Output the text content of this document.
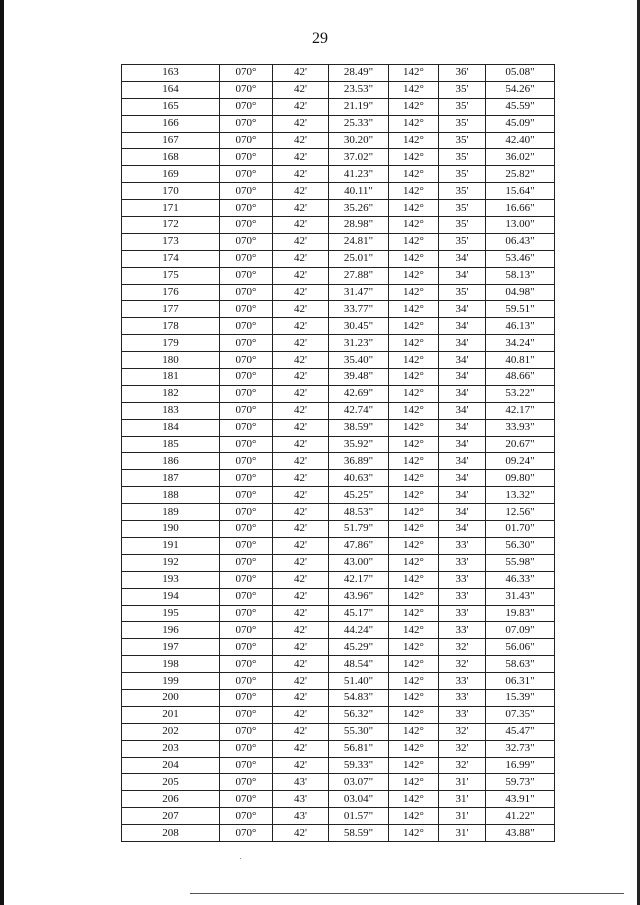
29
163	070°	42'	28.49"	142°	36'	05.08"
164	070°	42'	23.53"	142°	35'	54.26"
165	070°	42'	21.19"	142°	35'	45.59"
166	070°	42'	25.33"	142°	35'	45.09"
167	070°	42'	30.20"	142°	35'	42.40"
168	070°	42'	37.02"	142°	35'	36.02"
169	070°	42'	41.23"	142°	35'	25.82"
170	070°	42'	40.11"	142°	35'	15.64"
171	070°	42'	35.26"	142°	35'	16.66"
172	070°	42'	28.98"	142°	35'	13.00"
173	070°	42'	24.81"	142°	35'	06.43"
174	070°	42'	25.01"	142°	34'	53.46"
175	070°	42'	27.88"	142°	34'	58.13"
176	070°	42'	31.47"	142°	35'	04.98"
177	070°	42'	33.77"	142°	34'	59.51"
178	070°	42'	30.45"	142°	34'	46.13"
179	070°	42'	31.23"	142°	34'	34.24"
180	070°	42'	35.40"	142°	34'	40.81"
181	070°	42'	39.48"	142°	34'	48.66"
182	070°	42'	42.69"	142°	34'	53.22"
183	070°	42'	42.74"	142°	34'	42.17"
184	070°	42'	38.59"	142°	34'	33.93"
185	070°	42'	35.92"	142°	34'	20.67"
186	070°	42'	36.89"	142°	34'	09.24"
187	070°	42'	40.63"	142°	34'	09.80"
188	070°	42'	45.25"	142°	34'	13.32"
189	070°	42'	48.53"	142°	34'	12.56"
190	070°	42'	51.79"	142°	34'	01.70"
191	070°	42'	47.86"	142°	33'	56.30"
192	070°	42'	43.00"	142°	33'	55.98"
193	070°	42'	42.17"	142°	33'	46.33"
194	070°	42'	43.96"	142°	33'	31.43"
195	070°	42'	45.17"	142°	33'	19.83"
196	070°	42'	44.24"	142°	33'	07.09"
197	070°	42'	45.29"	142°	32'	56.06"
198	070°	42'	48.54"	142°	32'	58.63"
199	070°	42'	51.40"	142°	33'	06.31"
200	070°	42'	54.83"	142°	33'	15.39"
201	070°	42'	56.32"	142°	33'	07.35"
202	070°	42'	55.30"	142°	32'	45.47"
203	070°	42'	56.81"	142°	32'	32.73"
204	070°	42'	59.33"	142°	32'	16.99"
205	070°	43'	03.07"	142°	31'	59.73"
206	070°	43'	03.04"	142°	31'	43.91"
207	070°	43'	01.57"	142°	31'	41.22"
208	070°	42'	58.59"	142°	31'	43.88"
